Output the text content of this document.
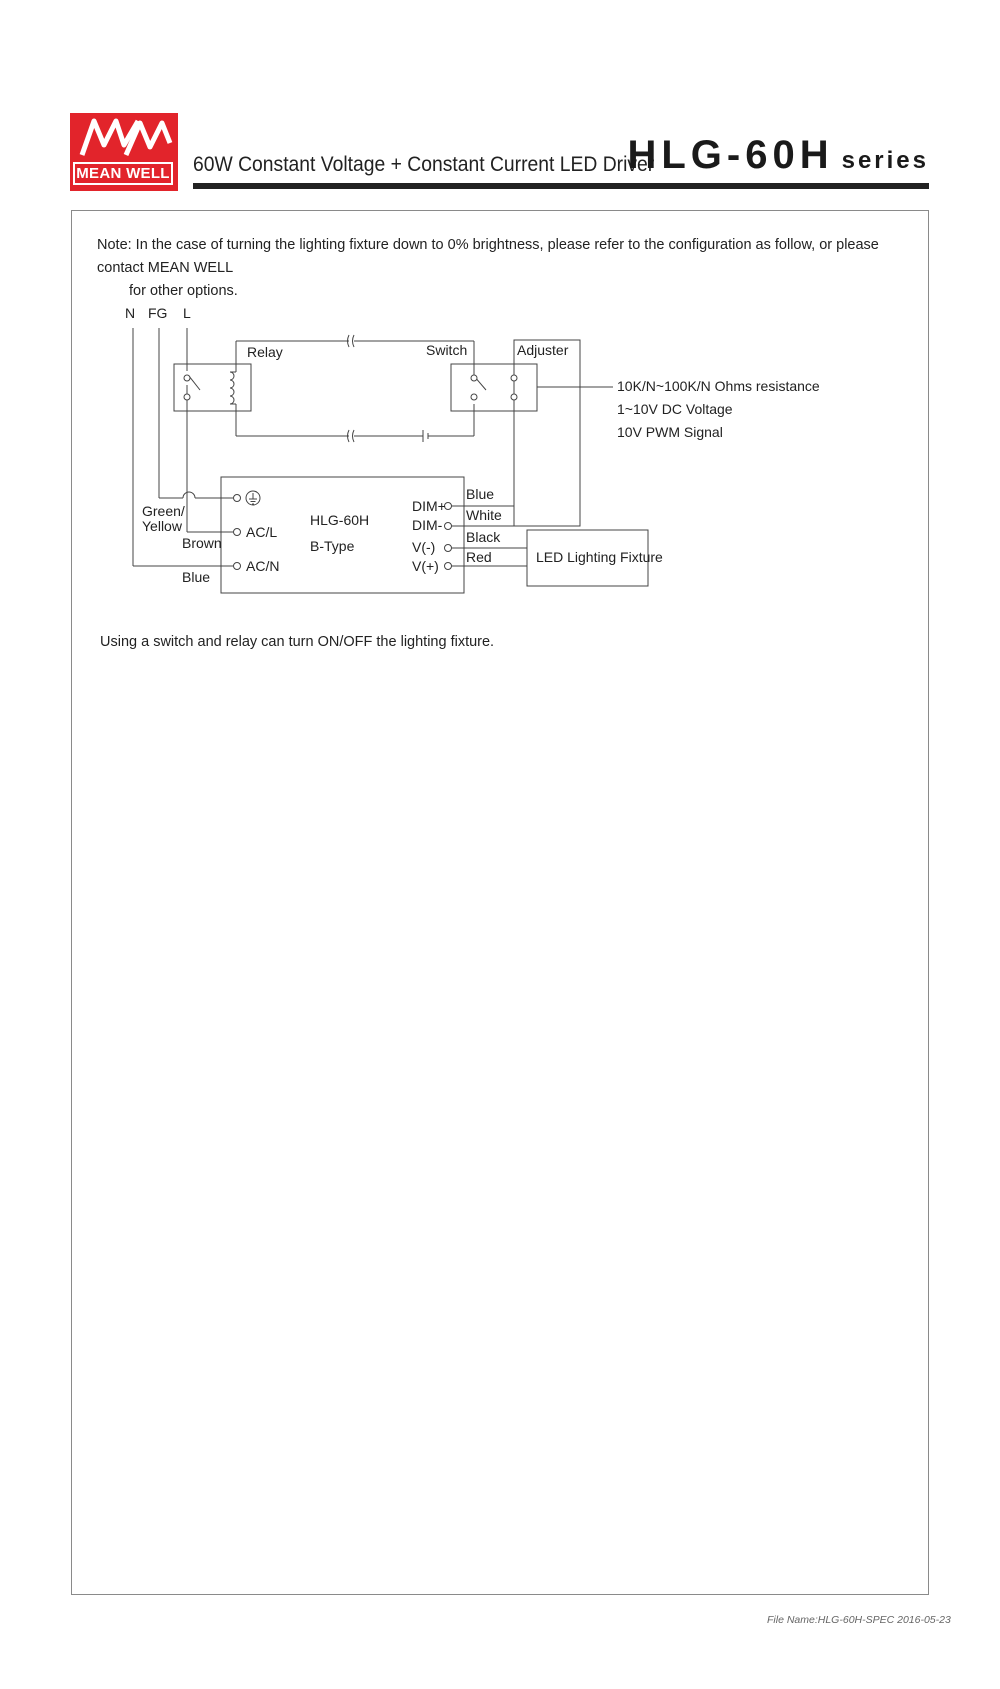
MEAN WELL 60W Constant Voltage + Constant Current LED Driver
HLG-60H series
Note: In the case of turning the lighting fixture down to 0% brightness, please refer to the configuration as follow, or please contact MEAN WELL
for other options.
N FG L
Relay	Switch	Adjuster
10K/N~100K/N Ohms resistance
1~10V DC Voltage
10V PWM Signal
HLG-60H
B-Type
AC/L
AC/N
DIM+
DIM-
V(-)
V(+)
Green/
Yellow
Brown
Blue
Blue
White
Black
Red	LED Lighting Fixture
Using a switch and relay can turn ON/OFF the lighting fixture.
File Name:HLG-60H-SPEC 2016-05-23
